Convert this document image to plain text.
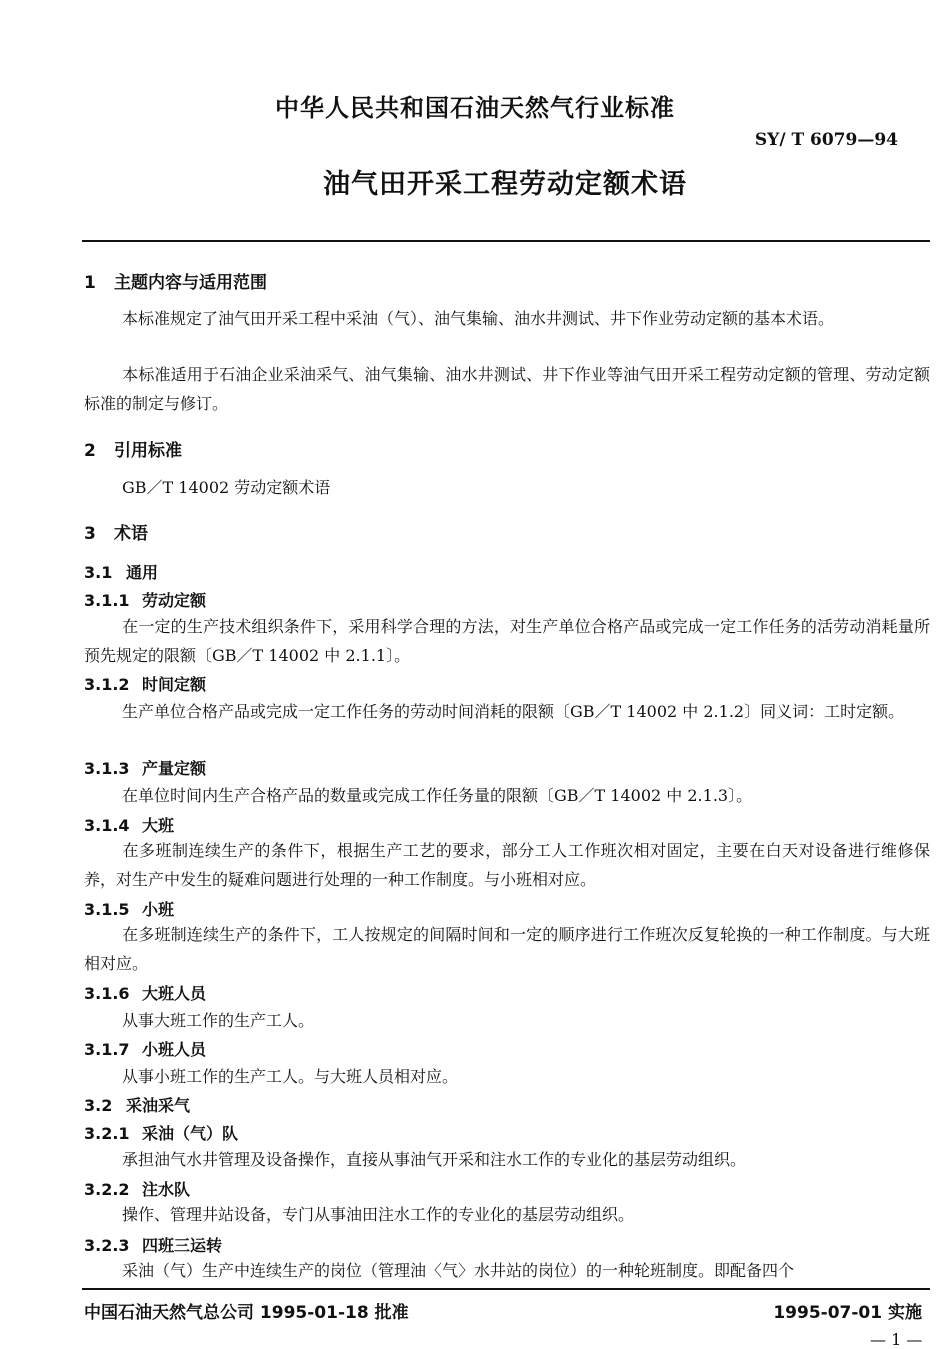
中华人民共和国石油天然气行业标准
SY/ T 6079—94
油气田开采工程劳动定额术语
1 主题内容与适用范围
本标准规定了油气田开采工程中采油（气）、油气集输、油水井测试、井下作业劳动定额的基本术语。
本标准适用于石油企业采油采气、油气集输、油水井测试、井下作业等油气田开采工程劳动定额的管理、劳动定额标准的制定与修订。
2 引用标准
GB／T 14002 劳动定额术语
3 术语
3.1 通用
3.1.1 劳动定额
在一定的生产技术组织条件下，采用科学合理的方法，对生产单位合格产品或完成一定工作任务的活劳动消耗量所预先规定的限额〔GB／T 14002 中 2.1.1〕。
3.1.2 时间定额
生产单位合格产品或完成一定工作任务的劳动时间消耗的限额〔GB／T 14002 中 2.1.2〕同义词：工时定额。
3.1.3 产量定额
在单位时间内生产合格产品的数量或完成工作任务量的限额〔GB／T 14002 中 2.1.3〕。
3.1.4 大班
在多班制连续生产的条件下，根据生产工艺的要求，部分工人工作班次相对固定，主要在白天对设备进行维修保养，对生产中发生的疑难问题进行处理的一种工作制度。与小班相对应。
3.1.5 小班
在多班制连续生产的条件下，工人按规定的间隔时间和一定的顺序进行工作班次反复轮换的一种工作制度。与大班相对应。
3.1.6 大班人员
从事大班工作的生产工人。
3.1.7 小班人员
从事小班工作的生产工人。与大班人员相对应。
3.2 采油采气
3.2.1 采油（气）队
承担油气水井管理及设备操作，直接从事油气开采和注水工作的专业化的基层劳动组织。
3.2.2 注水队
操作、管理井站设备，专门从事油田注水工作的专业化的基层劳动组织。
3.2.3 四班三运转
采油（气）生产中连续生产的岗位（管理油〈气〉水井站的岗位）的一种轮班制度。即配备四个
中国石油天然气总公司 1995-01-18 批准	1995-07-01 实施
— 1 —
